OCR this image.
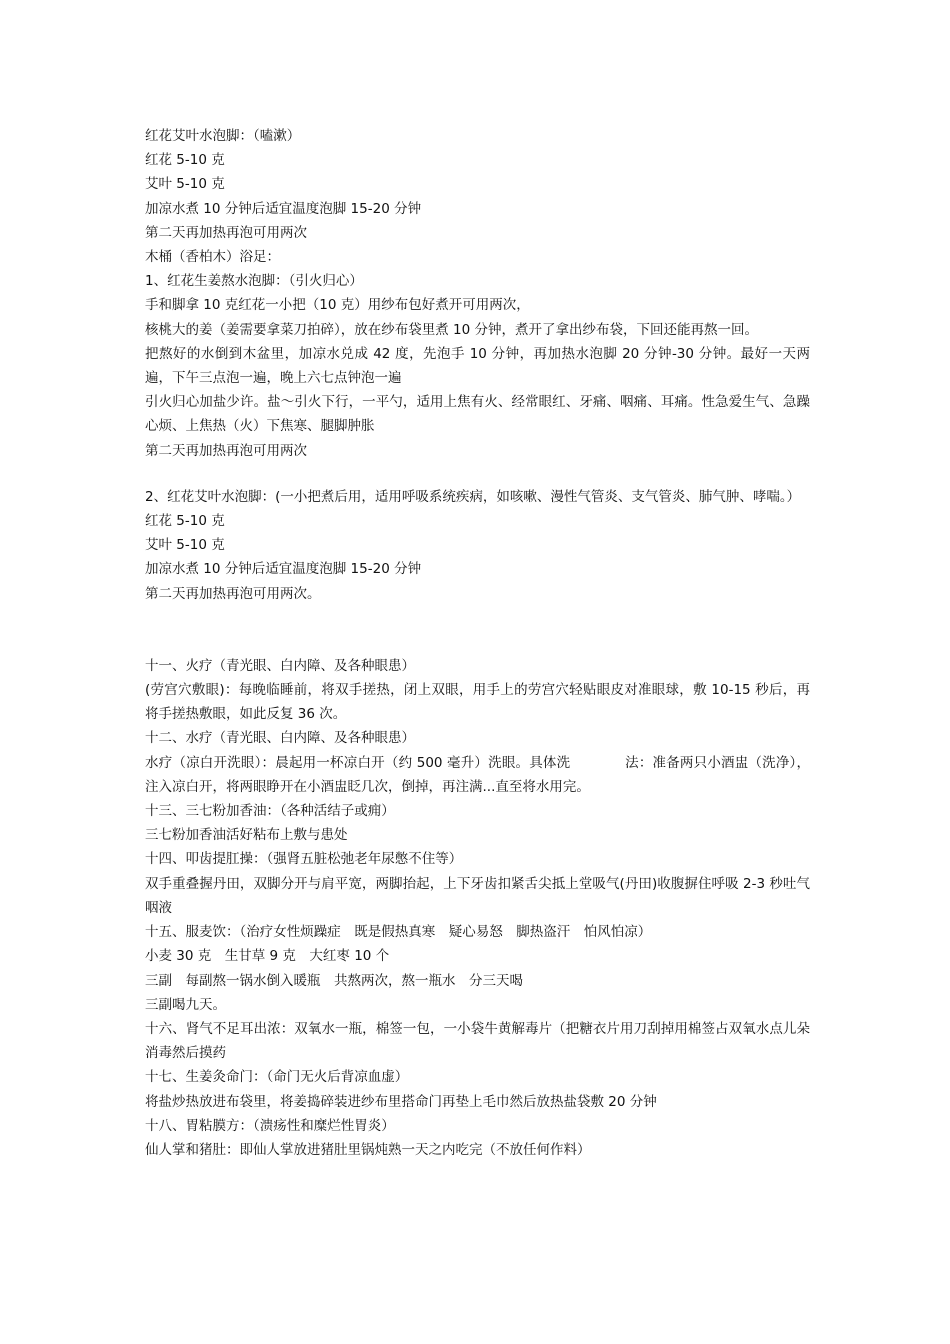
红花艾叶水泡脚：（嗑漱）
红花 5-10 克
艾叶 5-10 克
加凉水煮 10 分钟后适宜温度泡脚 15-20 分钟
第二天再加热再泡可用两次
木桶（香柏木）浴足：
1、红花生姜熬水泡脚：（引火归心）
手和脚拿 10 克红花一小把（10 克）用纱布包好煮开可用两次，
核桃大的姜（姜需要拿菜刀拍碎），放在纱布袋里煮 10 分钟，煮开了拿出纱布袋，下回还能再熬一回。
把熬好的水倒到木盆里，加凉水兑成 42 度，先泡手 10 分钟，再加热水泡脚 20 分钟-30 分钟。最好一天两遍，下午三点泡一遍，晚上六七点钟泡一遍
引火归心加盐少许。盐～引火下行，一平勺，适用上焦有火、经常眼红、牙痛、咽痛、耳痛。性急爱生气、急躁心烦、上焦热（火）下焦寒、腿脚肿胀
第二天再加热再泡可用两次
2、红花艾叶水泡脚：(一小把煮后用，适用呼吸系统疾病，如咳嗽、漫性气管炎、支气管炎、肺气肿、哮喘。）
红花 5-10 克
艾叶 5-10 克
加凉水煮 10 分钟后适宜温度泡脚 15-20 分钟
第二天再加热再泡可用两次。
十一、火疗（青光眼、白内障、及各种眼患）
(劳宫穴敷眼)：每晚临睡前，将双手搓热，闭上双眼，用手上的劳宫穴轻贴眼皮对准眼球，敷 10-15 秒后，再将手搓热敷眼，如此反复 36 次。
十二、水疗（青光眼、白内障、及各种眼患）
水疗（凉白开洗眼）：晨起用一杯凉白开（约 500 毫升）洗眼。具体洗　　　　法：准备两只小酒盅（洗净），注入凉白开，将两眼睁开在小酒盅眨几次，倒掉，再注满...直至将水用完。
十三、三七粉加香油：（各种活结子或痈）
三七粉加香油活好粘布上敷与患处
十四、叩齿提肛操：（强肾五脏松弛老年尿憋不住等）
双手重叠握丹田，双脚分开与肩平宽，两脚抬起，上下牙齿扣紧舌尖抵上堂吸气(丹田)收腹摒住呼吸 2-3 秒吐气咽液
十五、服麦饮：（治疗女性烦躁症　既是假热真寒　疑心易怒　脚热盗汗　怕风怕凉）
小麦 30 克　生甘草 9 克　大红枣 10 个
三副　每副熬一锅水倒入暖瓶　共熬两次，熬一瓶水　分三天喝
三副喝九天。
十六、肾气不足耳出浓：双氧水一瓶，棉签一包，一小袋牛黄解毒片（把糖衣片用刀刮掉用棉签占双氧水点儿朵消毒然后摸药
十七、生姜灸命门：（命门无火后背凉血虚）
将盐炒热放进布袋里，将姜捣碎装进纱布里搭命门再垫上毛巾然后放热盐袋敷 20 分钟
十八、胃粘膜方：（溃疡性和糜烂性胃炎）
仙人掌和猪肚：即仙人掌放进猪肚里锅炖熟一天之内吃完（不放任何作料）
